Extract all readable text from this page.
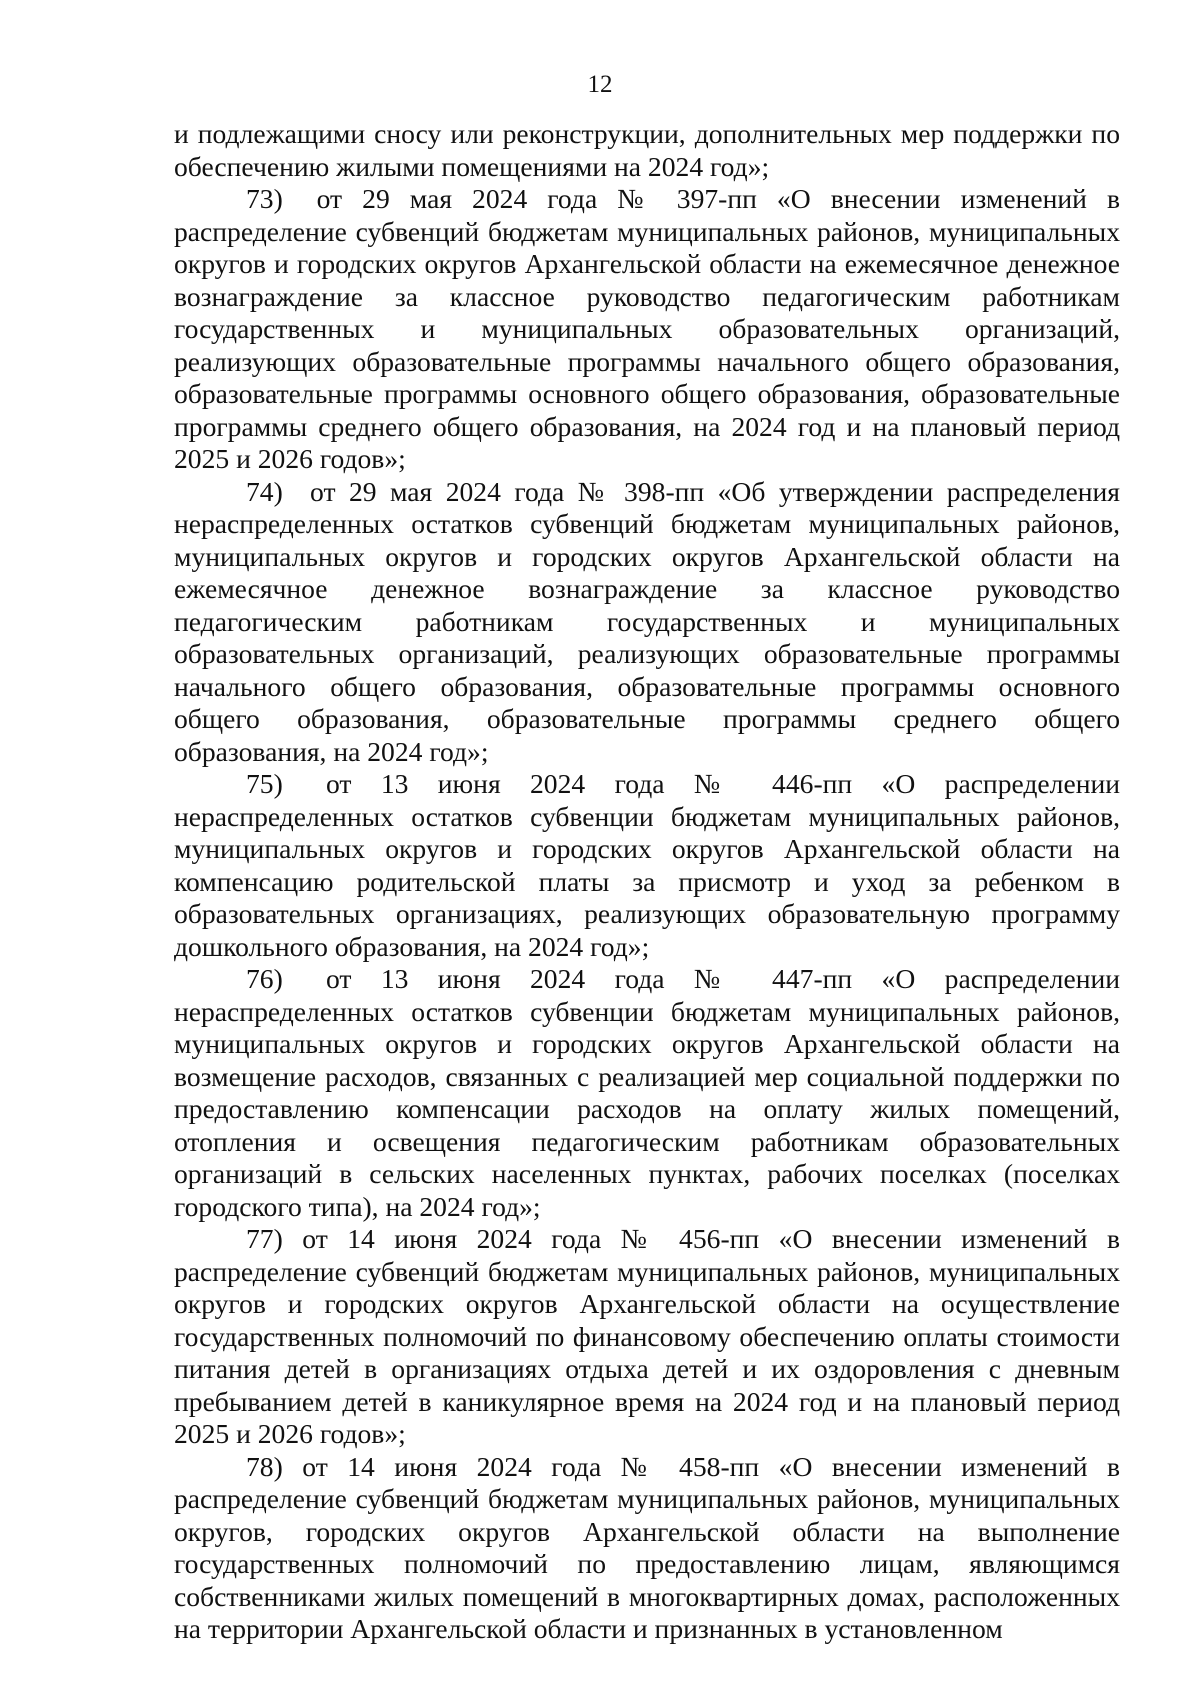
12

и подлежащими сносу или реконструкции, дополнительных мер поддержки по обеспечению жилыми помещениями на 2024 год»;

73)  от 29 мая 2024 года № 397-пп «О внесении изменений в распределение субвенций бюджетам муниципальных районов, муниципальных округов и городских округов Архангельской области на ежемесячное денежное вознаграждение за классное руководство педагогическим работникам государственных и муниципальных образовательных организаций, реализующих образовательные программы начального общего образования, образовательные программы основного общего образования, образовательные программы среднего общего образования, на 2024 год и на плановый период 2025 и 2026 годов»;

74)  от 29 мая 2024 года № 398-пп «Об утверждении распределения нераспределенных остатков субвенций бюджетам муниципальных районов, муниципальных округов и городских округов Архангельской области на ежемесячное денежное вознаграждение за классное руководство педагогическим работникам государственных и муниципальных образовательных организаций, реализующих образовательные программы начального общего образования, образовательные программы основного общего образования, образовательные программы среднего общего образования, на 2024 год»;

75)  от 13 июня 2024 года № 446-пп «О распределении нераспределенных остатков субвенции бюджетам муниципальных районов, муниципальных округов и городских округов Архангельской области на компенсацию родительской платы за присмотр и уход за ребенком в образовательных организациях, реализующих образовательную программу дошкольного образования, на 2024 год»;

76)  от 13 июня 2024 года № 447-пп «О распределении нераспределенных остатков субвенции бюджетам муниципальных районов, муниципальных округов и городских округов Архангельской области на возмещение расходов, связанных с реализацией мер социальной поддержки по предоставлению компенсации расходов на оплату жилых помещений, отопления и освещения педагогическим работникам образовательных организаций в сельских населенных пунктах, рабочих поселках (поселках городского типа), на 2024 год»;

77) от 14 июня 2024 года № 456-пп «О внесении изменений в распределение субвенций бюджетам муниципальных районов, муниципальных округов и городских округов Архангельской области на осуществление государственных полномочий по финансовому обеспечению оплаты стоимости питания детей в организациях отдыха детей и их оздоровления с дневным пребыванием детей в каникулярное время на 2024 год и на плановый период 2025 и 2026 годов»;

78) от 14 июня 2024 года № 458-пп «О внесении изменений в распределение субвенций бюджетам муниципальных районов, муниципальных округов, городских округов Архангельской области на выполнение государственных полномочий по предоставлению лицам, являющимся собственниками жилых помещений в многоквартирных домах, расположенных на территории Архангельской области и признанных в установленном
